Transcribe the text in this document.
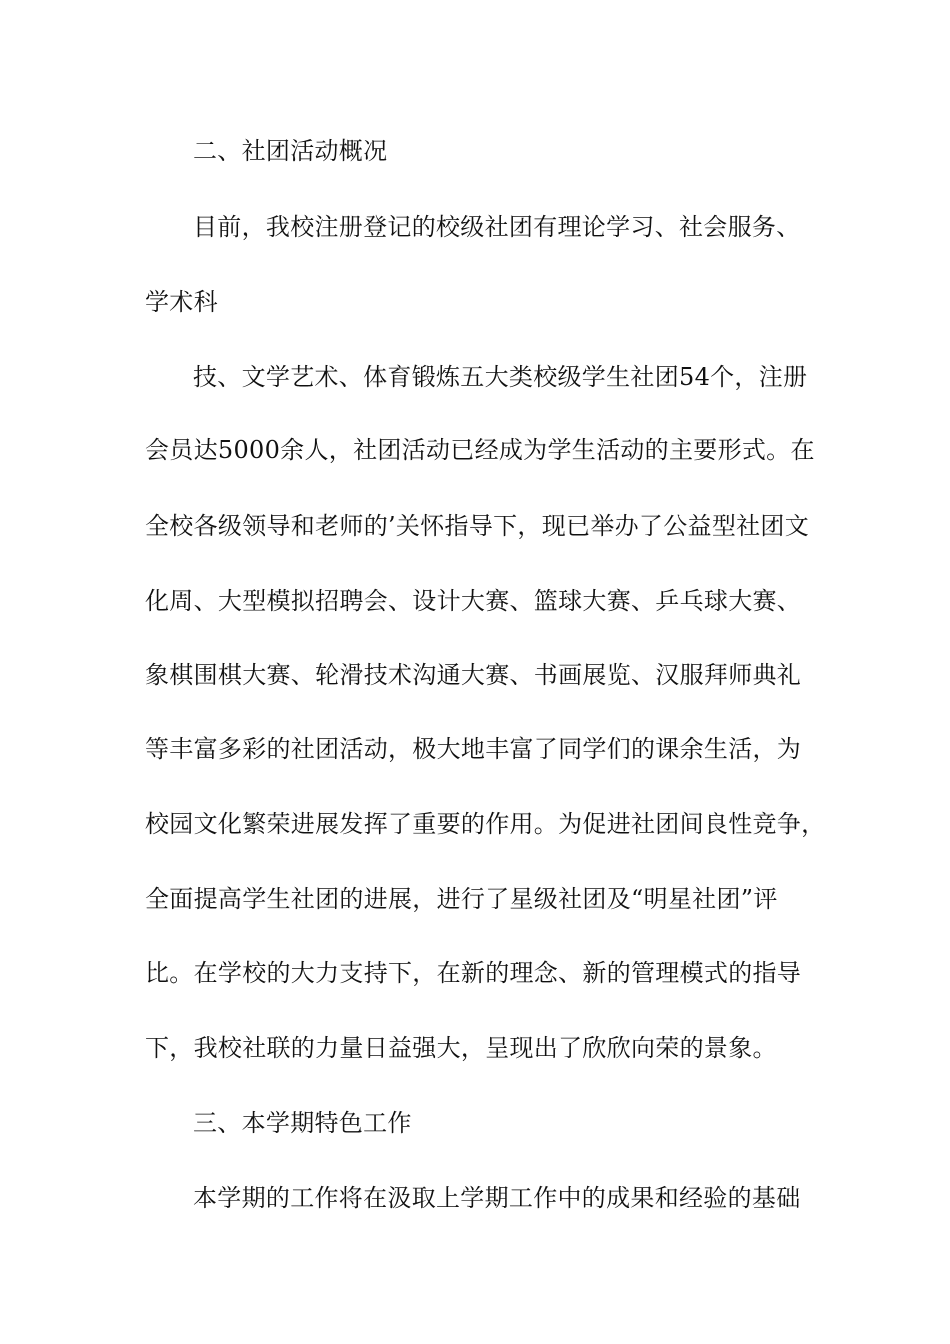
二、社团活动概况
目前，我校注册登记的校级社团有理论学习、社会服务、
学术科
技、文学艺术、体育锻炼五大类校级学生社团54个，注册
会员达5000余人，社团活动已经成为学生活动的主要形式。在
全校各级领导和老师的’关怀指导下，现已举办了公益型社团文
化周、大型模拟招聘会、设计大赛、篮球大赛、乒乓球大赛、
象棋围棋大赛、轮滑技术沟通大赛、书画展览、汉服拜师典礼
等丰富多彩的社团活动，极大地丰富了同学们的课余生活，为
校园文化繁荣进展发挥了重要的作用。为促进社团间良性竞争，
全面提高学生社团的进展，进行了星级社团及“明星社团”评
比。在学校的大力支持下，在新的理念、新的管理模式的指导
下，我校社联的力量日益强大，呈现出了欣欣向荣的景象。
三、本学期特色工作
本学期的工作将在汲取上学期工作中的成果和经验的基础
